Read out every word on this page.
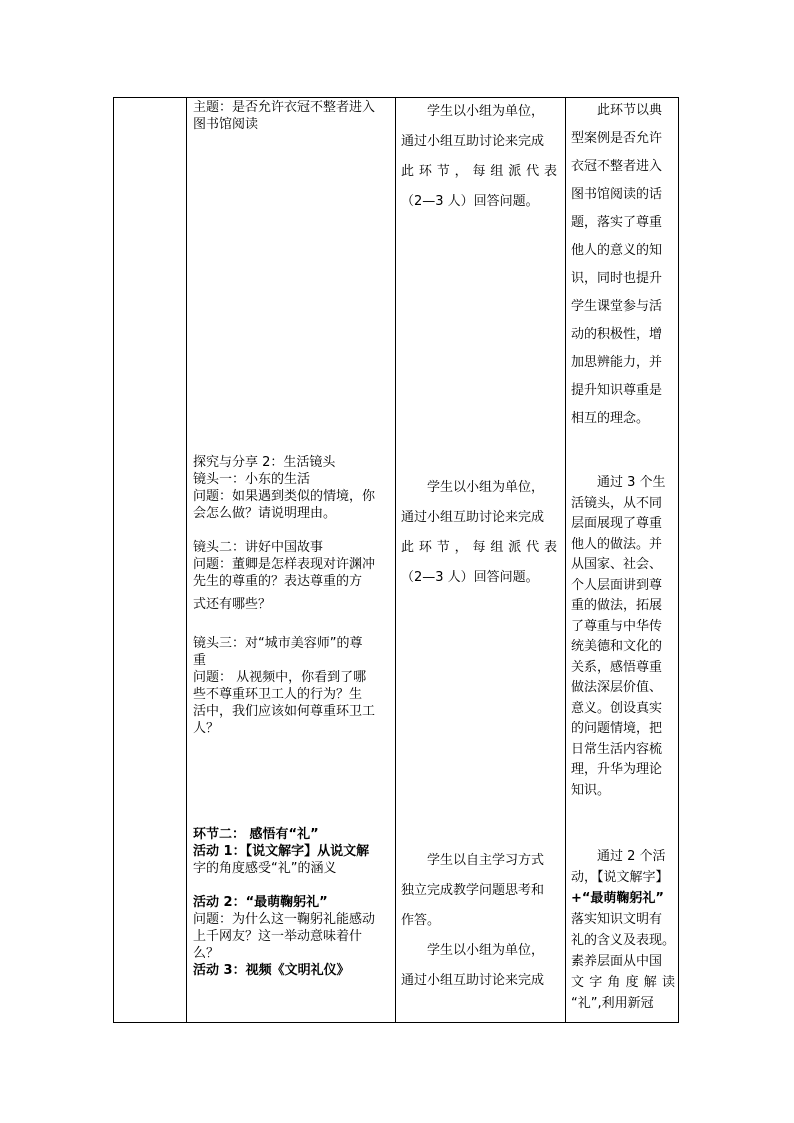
主题：是否允许衣冠不整者进入
图书馆阅读
探究与分享 2：生活镜头
镜头一：小东的生活
问题：如果遇到类似的情境，你
会怎么做？请说明理由。
镜头二：讲好中国故事
问题：董卿是怎样表现对许渊冲
先生的尊重的？表达尊重的方
式还有哪些？
镜头三：对“城市美容师”的尊
重
问题： 从视频中，你看到了哪
些不尊重环卫工人的行为？生
活中，我们应该如何尊重环卫工
人？
环节二： 感悟有“礼”
活动 1：【说文解字】从说文解
字的角度感受“礼”的涵义
活动 2：“最萌鞠躬礼”
问题：为什么这一鞠躬礼能感动
上千网友？这一举动意味着什
么？
活动 3：视频《文明礼仪》
学生以小组为单位，
通过小组互助讨论来完成
此环节，每组派代表
（2—3 人）回答问题。
学生以小组为单位，
通过小组互助讨论来完成
此环节，每组派代表
（2—3 人）回答问题。
学生以自主学习方式
独立完成教学问题思考和
作答。
学生以小组为单位，
通过小组互助讨论来完成
此环节以典
型案例是否允许
衣冠不整者进入
图书馆阅读的话
题，落实了尊重
他人的意义的知
识，同时也提升
学生课堂参与活
动的积极性，增
加思辨能力，并
提升知识尊重是
相互的理念。
通过 3 个生
活镜头，从不同
层面展现了尊重
他人的做法。并
从国家、社会、
个人层面讲到尊
重的做法，拓展
了尊重与中华传
统美德和文化的
关系，感悟尊重
做法深层价值、
意义。创设真实
的问题情境，把
日常生活内容梳
理，升华为理论
知识。
通过 2 个活
动，【说文解字】
+“最萌鞠躬礼”
落实知识文明有
礼的含义及表现。
素养层面从中国
文字角度解读
“礼”,利用新冠
